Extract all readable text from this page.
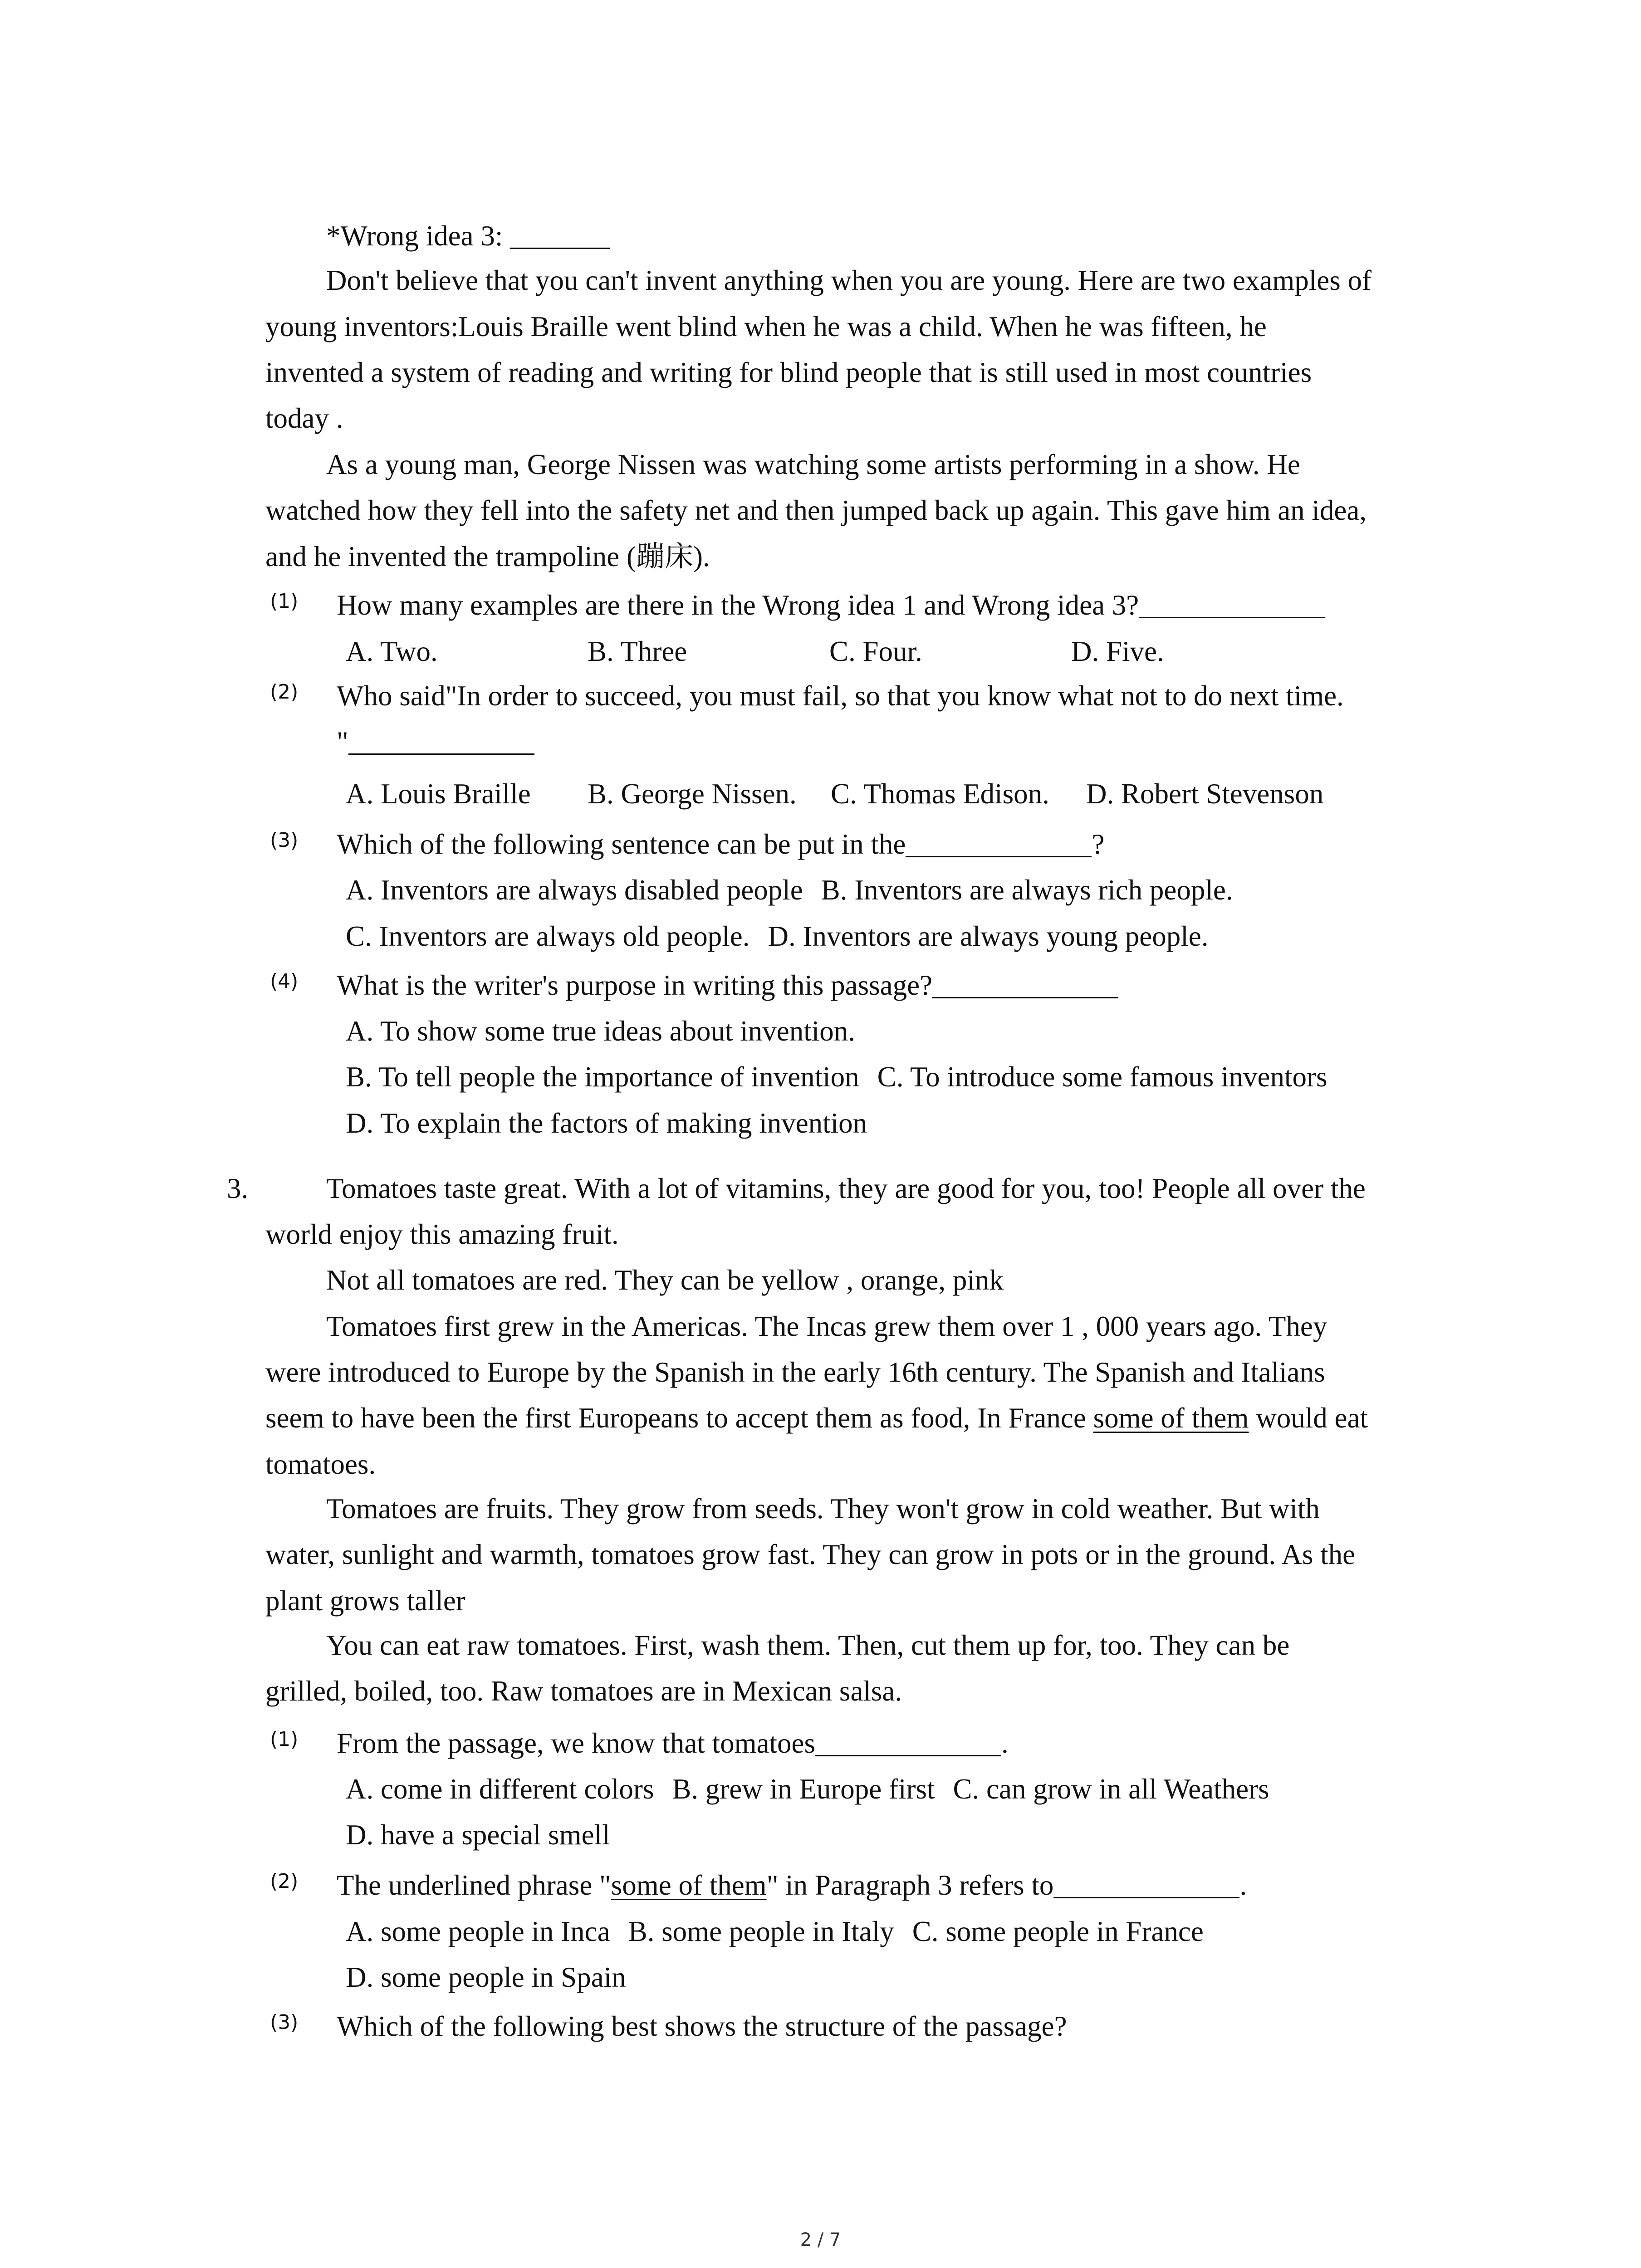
*Wrong idea 3: _______
Don't believe that you can't invent anything when you are young. Here are two examples of
young inventors:Louis Braille went blind when he was a child. When he was fifteen, he
invented a system of reading and writing for blind people that is still used in most countries
today .
As a young man, George Nissen was watching some artists performing in a show. He
watched how they fell into the safety net and then jumped back up again. This gave him an idea,
and he invented the trampoline (蹦床).
(1) How many examples are there in the Wrong idea 1 and Wrong idea 3?
A. Two.	B. Three	C. Four.	D. Five.
(2) Who said"In order to succeed, you must fail, so that you know what not to do next time.
"
A. Louis Braille B. George Nissen. C. Thomas Edison. D. Robert Stevenson
(3) Which of the following sentence can be put in the	?
A. Inventors are always disabled people B. Inventors are always rich people.
C. Inventors are always old people. D. Inventors are always young people.
(4) What is the writer's purpose in writing this passage?
A. To show some true ideas about invention.
B. To tell people the importance of invention C. To introduce some famous inventors
D. To explain the factors of making invention
3.	Tomatoes taste great. With a lot of vitamins, they are good for you, too! People all over the
world enjoy this amazing fruit.
Not all tomatoes are red. They can be yellow , orange, pink
Tomatoes first grew in the Americas. The Incas grew them over 1 , 000 years ago. They
were introduced to Europe by the Spanish in the early 16th century. The Spanish and Italians
seem to have been the first Europeans to accept them as food, In France some of them would eat
tomatoes.
Tomatoes are fruits. They grow from seeds. They won't grow in cold weather. But with
water, sunlight and warmth, tomatoes grow fast. They can grow in pots or in the ground. As the
plant grows taller
You can eat raw tomatoes. First, wash them. Then, cut them up for, too. They can be
grilled, boiled, too. Raw tomatoes are in Mexican salsa.
(1) From the passage, we know that tomatoes	.
A. come in different colors B. grew in Europe first C. can grow in all Weathers
D. have a special smell
(2) The underlined phrase "some of them" in Paragraph 3 refers to	.
A. some people in Inca B. some people in Italy C. some people in France
D. some people in Spain
(3) Which of the following best shows the structure of the passage?
2 / 7
